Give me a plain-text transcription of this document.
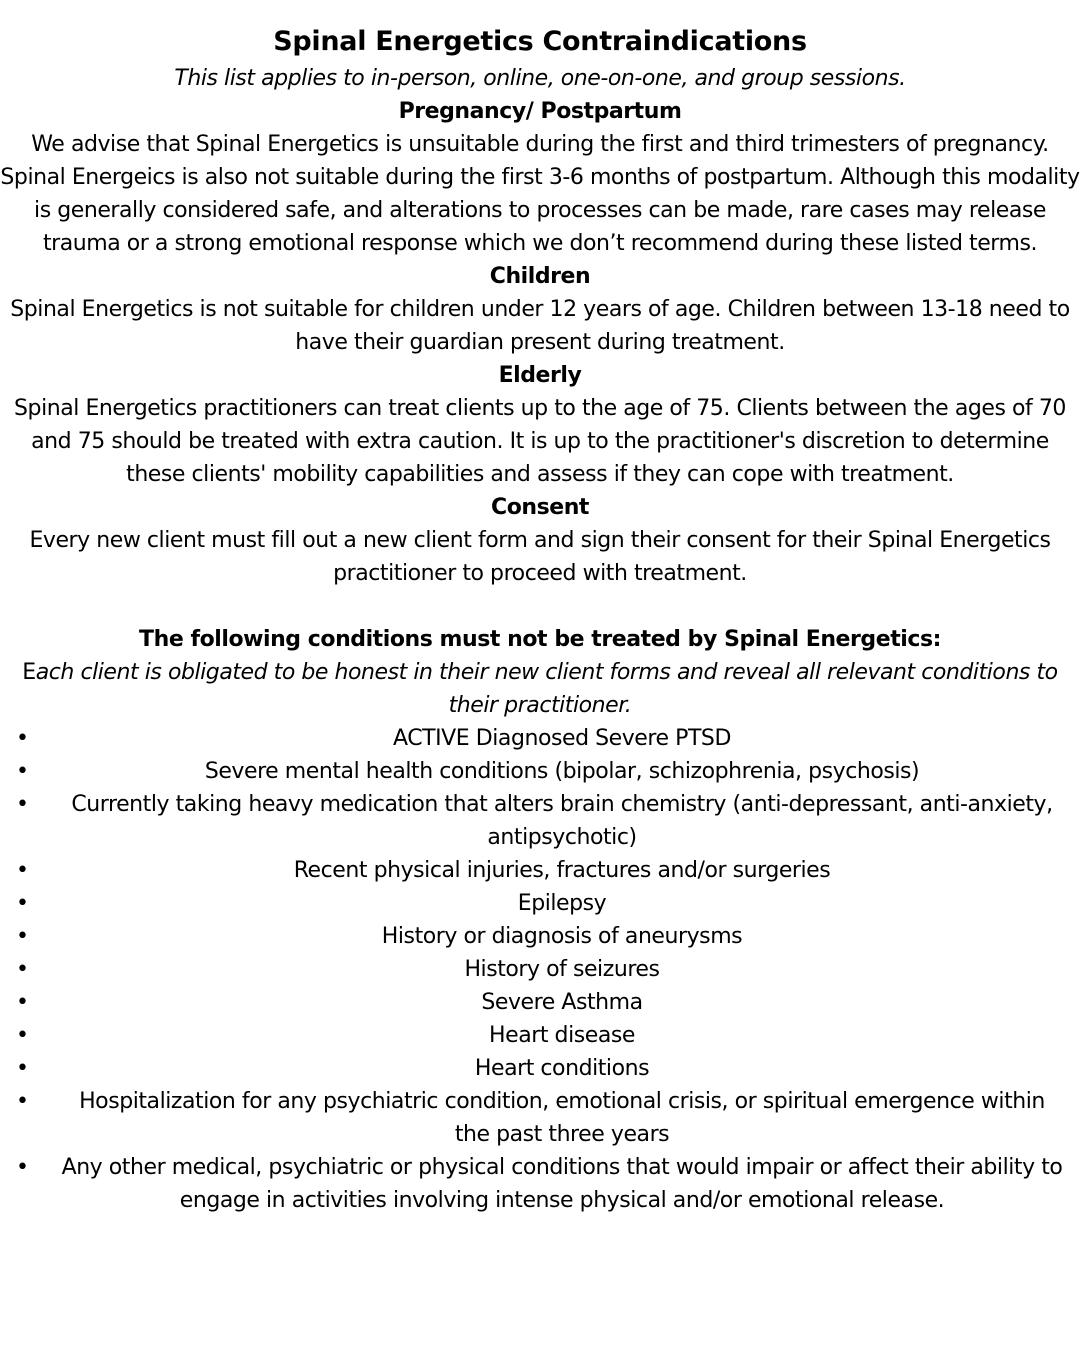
Spinal Energetics Contraindications
This list applies to in-person, online, one-on-one, and group sessions.
Pregnancy/ Postpartum

We advise that Spinal Energetics is unsuitable during the first and third trimesters of pregnancy. Spinal Energeics is also not suitable during the first 3-6 months of postpartum. Although this modality is generally considered safe, and alterations to processes can be made, rare cases may release trauma or a strong emotional response which we don’t recommend during these listed terms.

Children

Spinal Energetics is not suitable for children under 12 years of age. Children between 13-18 need to have their guardian present during treatment.

Elderly

Spinal Energetics practitioners can treat clients up to the age of 75. Clients between the ages of 70 and 75 should be treated with extra caution. It is up to the practitioner's discretion to determine these clients' mobility capabilities and assess if they can cope with treatment.

Consent

Every new client must fill out a new client form and sign their consent for their Spinal Energetics practitioner to proceed with treatment.

The following conditions must not be treated by Spinal Energetics:

Each client is obligated to be honest in their new client forms and reveal all relevant conditions to their practitioner.

•	ACTIVE Diagnosed Severe PTSD
•	Severe mental health conditions (bipolar, schizophrenia, psychosis)
• Currently taking heavy medication that alters brain chemistry (anti-depressant, anti-anxiety, antipsychotic)
•	Recent physical injuries, fractures and/or surgeries
•	Epilepsy
•	History or diagnosis of aneurysms
•	History of seizures
•	Severe Asthma
•	Heart disease
•	Heart conditions
• Hospitalization for any psychiatric condition, emotional crisis, or spiritual emergence within the past three years
• Any other medical, psychiatric or physical conditions that would impair or affect their ability to engage in activities involving intense physical and/or emotional release.
